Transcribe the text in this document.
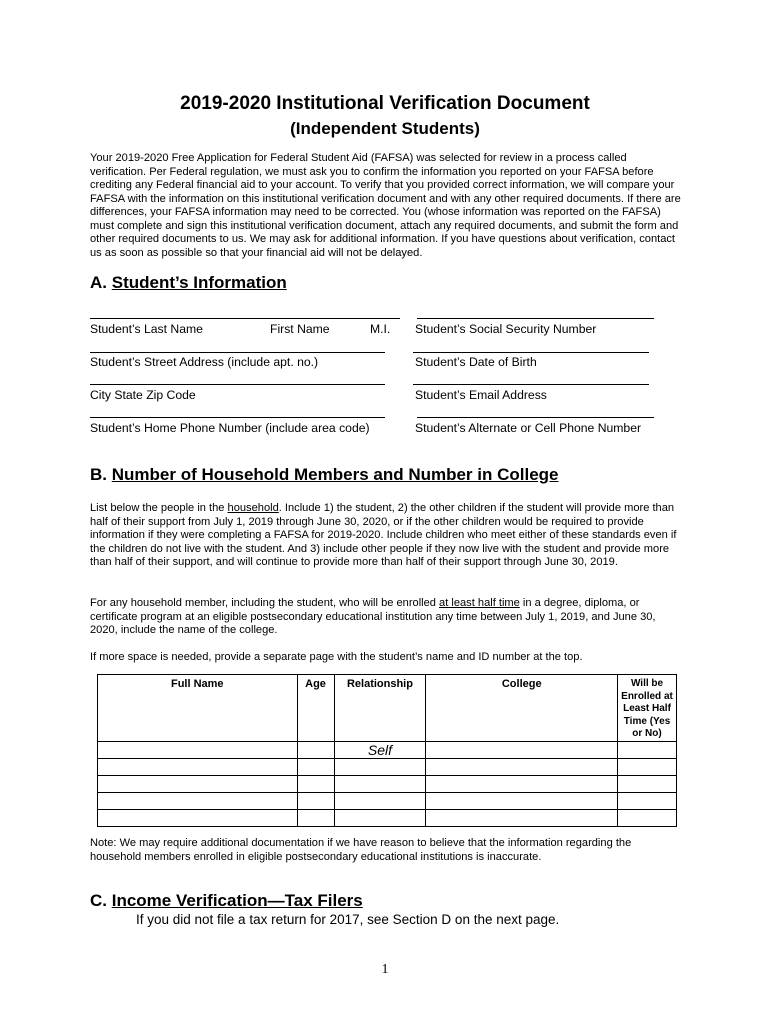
2019-2020 Institutional Verification Document
(Independent Students)
Your 2019-2020 Free Application for Federal Student Aid (FAFSA) was selected for review in a process called verification. Per Federal regulation, we must ask you to confirm the information you reported on your FAFSA before crediting any Federal financial aid to your account. To verify that you provided correct information, we will compare your FAFSA with the information on this institutional verification document and with any other required documents. If there are differences, your FAFSA information may need to be corrected. You (whose information was reported on the FAFSA) must complete and sign this institutional verification document, attach any required documents, and submit the form and other required documents to us. We may ask for additional information. If you have questions about verification, contact us as soon as possible so that your financial aid will not be delayed.
A. Student’s Information
Student’s Last Name	First Name	M.I. Student’s Social Security Number
Student’s Street Address (include apt. no.)	Student’s Date of Birth
City State Zip Code	Student’s Email Address
Student’s Home Phone Number (include area code)	Student’s Alternate or Cell Phone Number
B. Number of Household Members and Number in College
List below the people in the household. Include 1) the student, 2) the other children if the student will provide more than half of their support from July 1, 2019 through June 30, 2020, or if the other children would be required to provide information if they were completing a FAFSA for 2019-2020. Include children who meet either of these standards even if the children do not live with the student. And 3) include other people if they now live with the student and provide more than half of their support, and will continue to provide more than half of their support through June 30, 2019.
For any household member, including the student, who will be enrolled at least half time in a degree, diploma, or certificate program at an eligible postsecondary educational institution any time between July 1, 2019, and June 30, 2020, include the name of the college.
If more space is needed, provide a separate page with the student’s name and ID number at the top.
Full Name	Age	Relationship	College	Will be Enrolled at Least Half Time (Yes or No)
		Self		

Note: We may require additional documentation if we have reason to believe that the information regarding the household members enrolled in eligible postsecondary educational institutions is inaccurate.
C. Income Verification—Tax Filers
If you did not file a tax return for 2017, see Section D on the next page.
1
